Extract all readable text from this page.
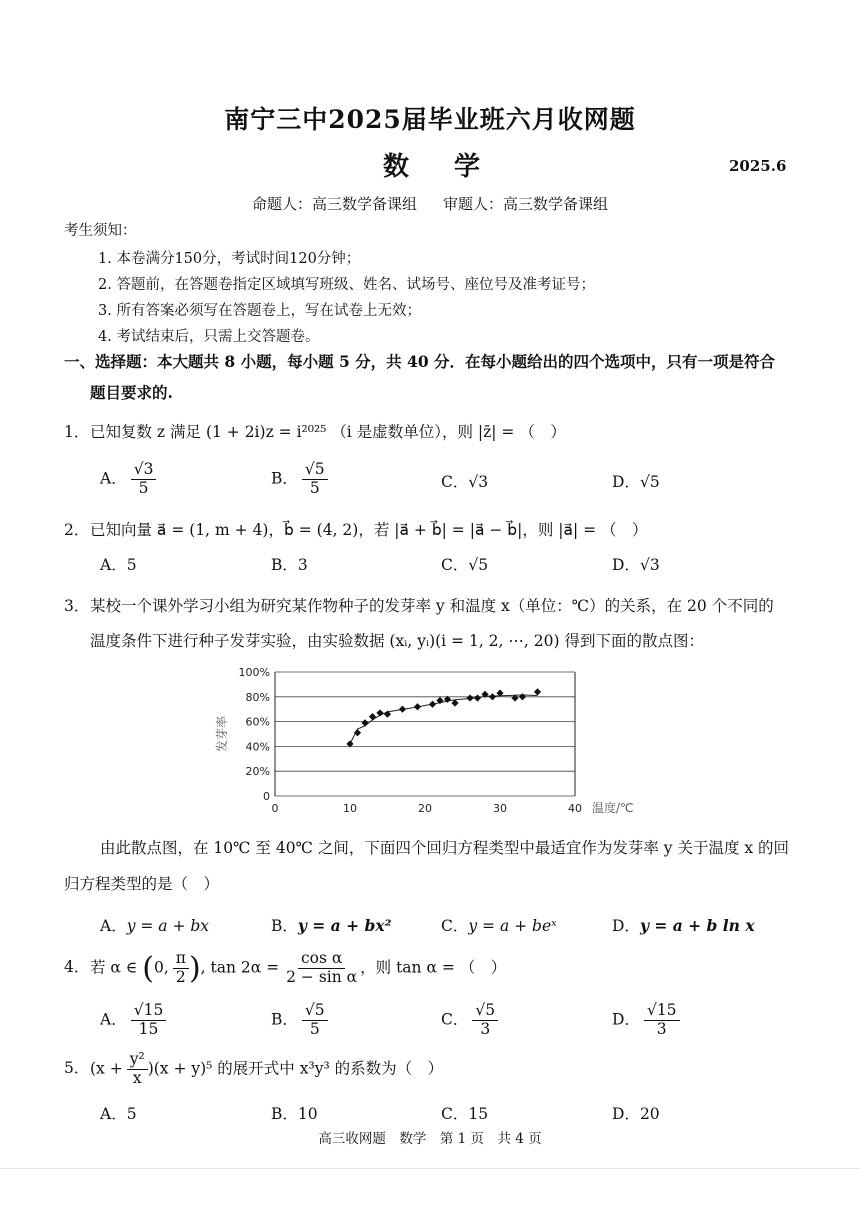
南宁三中2025届毕业班六月收网题
数 学	2025.6
命题人：高三数学备课组 审题人：高三数学备课组
考生须知：
1. 本卷满分150分，考试时间120分钟；
2. 答题前，在答题卷指定区域填写班级、姓名、试场号、座位号及准考证号；
3. 所有答案必须写在答题卷上，写在试卷上无效；
4. 考试结束后，只需上交答题卷。
一、选择题：本大题共 8 小题，每小题 5 分，共 40 分．在每小题给出的四个选项中，只有一项是符合
题目要求的.
1．已知复数 z 满足 (1 + 2i)z = i²⁰²⁵ （i 是虚数单位），则 |z̄| = （　）
A． $\frac{√3}{5}$	B． $\frac{√5}{5}$	C．√3	D．√5
2．已知向量 a⃗ = (1, m + 4)，b⃗ = (4, 2)，若 |a⃗ + b⃗| = |a⃗ − b⃗|，则 |a⃗| = （　）
A．5	B．3	C．√5	D．√3
3．某校一个课外学习小组为研究某作物种子的发芽率 y 和温度 x（单位：℃）的关系，在 20 个不同的
温度条件下进行种子发芽实验，由实验数据 (xᵢ, yᵢ)(i = 1, 2, ⋯, 20) 得到下面的散点图：
0
20%
40%
60%
80%
100%
0	10	20	30	40 温度/℃
发芽率
由此散点图，在 10℃ 至 40℃ 之间，下面四个回归方程类型中最适宜作为发芽率 y 关于温度 x 的回
归方程类型的是（　）
A．y = a + bx	B．y = a + bx²	C．y = a + beˣ	D．y = a + b ln x
4．若 α ∈ (0, $\frac{\pi}{2}$ ), $\tan 2\alpha = \frac{\text{cos α}}{\text{2 − sin α}}$ ，则 tan α = （　）
A． $\frac{√15}{15}$	B． $\frac{√5}{5}$	C． $\frac{√5}{3}$	D． $\frac{√15}{3}$
5．$(x + \frac{\text{y²}}{x} )(x + y)^5$ 的展开式中 x³y³ 的系数为（　）
A．5	B．10	C．15	D．20
高三收网题　数学　第 1 页　共 4 页
